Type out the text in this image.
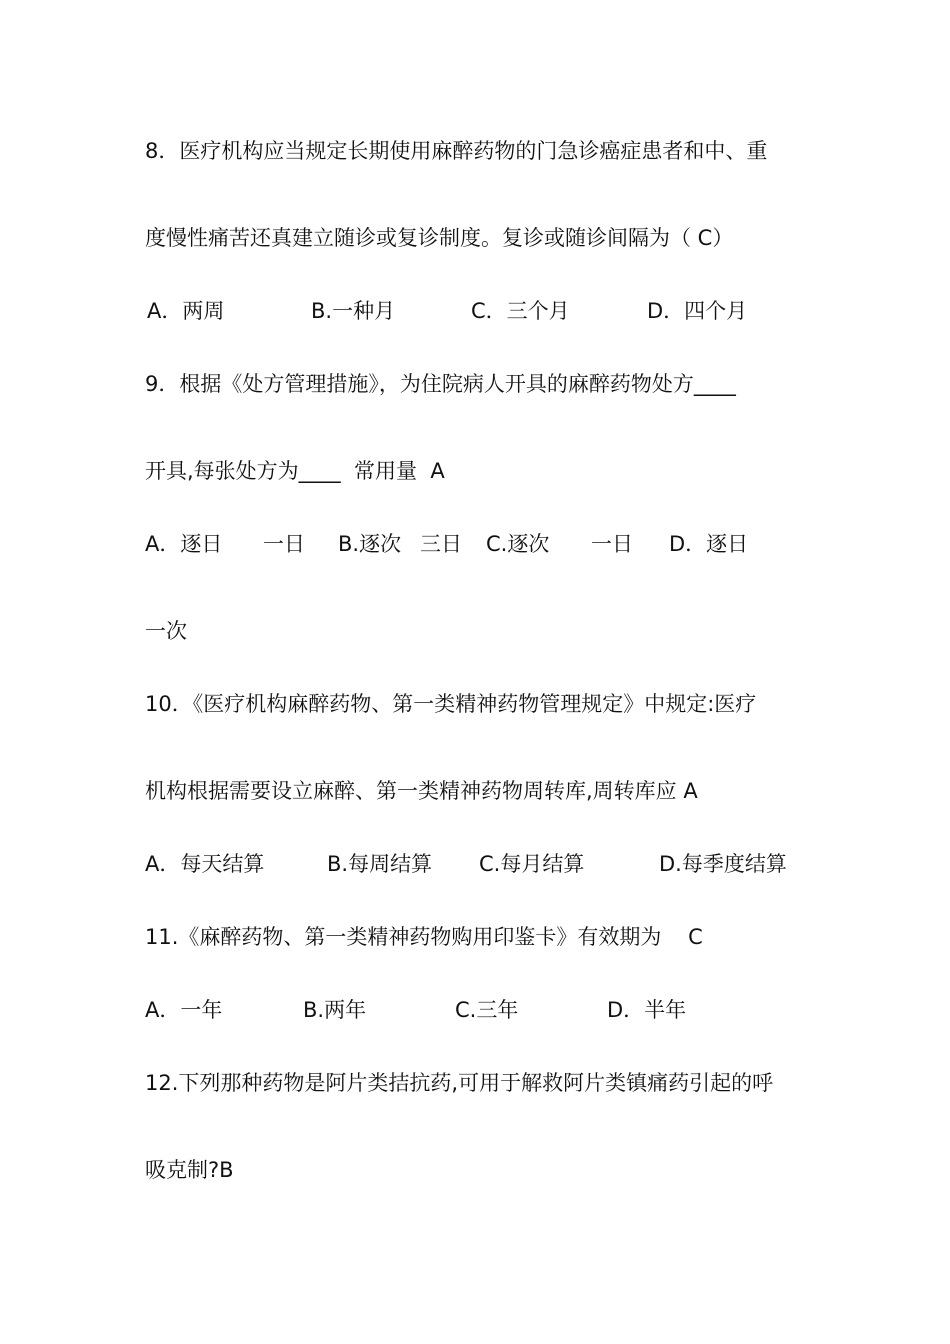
8．医疗机构应当规定长期使用麻醉药物的门急诊癌症患者和中、重
度慢性痛苦还真建立随诊或复诊制度。复诊或随诊间隔为（ C）
A．两周	B.一种月	C．三个月	D．四个月
9．根据《处方管理措施》，为住院病人开具的麻醉药物处方____
开具,每张处方为____  常用量  A
A．逐日 一日 B.逐次 三日 C.逐次 一日 D．逐日
一次
10．《医疗机构麻醉药物、第一类精神药物管理规定》中规定:医疗
机构根据需要设立麻醉、第一类精神药物周转库,周转库应 A
A．每天结算	B.每周结算 C.每月结算	D.每季度结算
11.《麻醉药物、第一类精神药物购用印鉴卡》有效期为    C
A．一年	B.两年	C.三年	D．半年
12.下列那种药物是阿片类拮抗药,可用于解救阿片类镇痛药引起的呼
吸克制?B
